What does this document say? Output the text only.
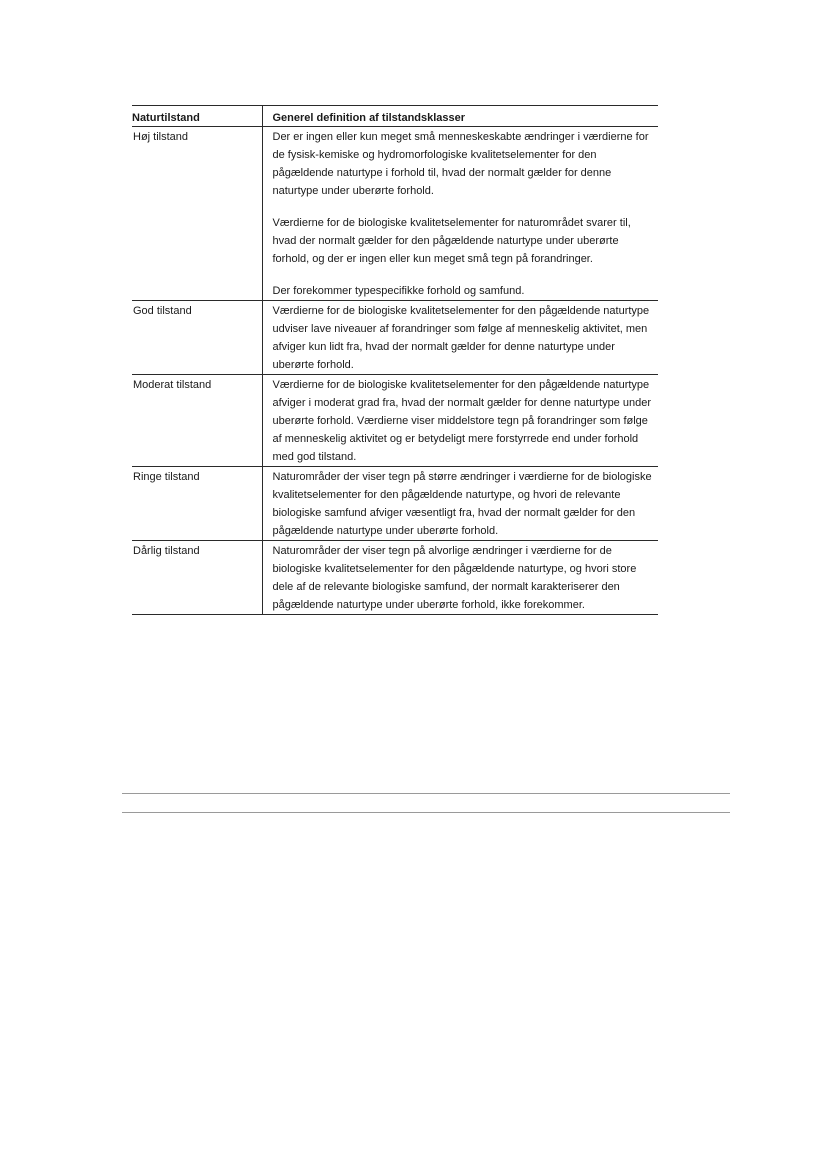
Naturtilstand	Generel definition af tilstandsklasser
Høj tilstand	Der er ingen eller kun meget små menneskeskabte ændringer i værdierne for de fysisk-kemiske og hydromorfologiske kvalitetselementer for den pågældende naturtype i forhold til, hvad der normalt gælder for denne naturtype under uberørte forhold.

Værdierne for de biologiske kvalitetselementer for naturområdet svarer til, hvad der normalt gælder for den pågældende naturtype under uberørte forhold, og der er ingen eller kun meget små tegn på forandringer.

Der forekommer typespecifikke forhold og samfund.

God tilstand	Værdierne for de biologiske kvalitetselementer for den pågældende naturtype udviser lave niveauer af forandringer som følge af menneskelig aktivitet, men afviger kun lidt fra, hvad der normalt gælder for denne naturtype under uberørte forhold.

Moderat tilstand	Værdierne for de biologiske kvalitetselementer for den pågældende naturtype afviger i moderat grad fra, hvad der normalt gælder for denne naturtype under uberørte forhold. Værdierne viser middelstore tegn på forandringer som følge af menneskelig aktivitet og er betydeligt mere forstyrrede end under forhold med god tilstand.

Ringe tilstand	Naturområder der viser tegn på større ændringer i værdierne for de biologiske kvalitetselementer for den pågældende naturtype, og hvori de relevante biologiske samfund afviger væsentligt fra, hvad der normalt gælder for den pågældende naturtype under uberørte forhold.

Dårlig tilstand	Naturområder der viser tegn på alvorlige ændringer i værdierne for de biologiske kvalitetselementer for den pågældende naturtype, og hvori store dele af de relevante biologiske samfund, der normalt karakteriserer den pågældende naturtype under uberørte forhold, ikke forekommer.
